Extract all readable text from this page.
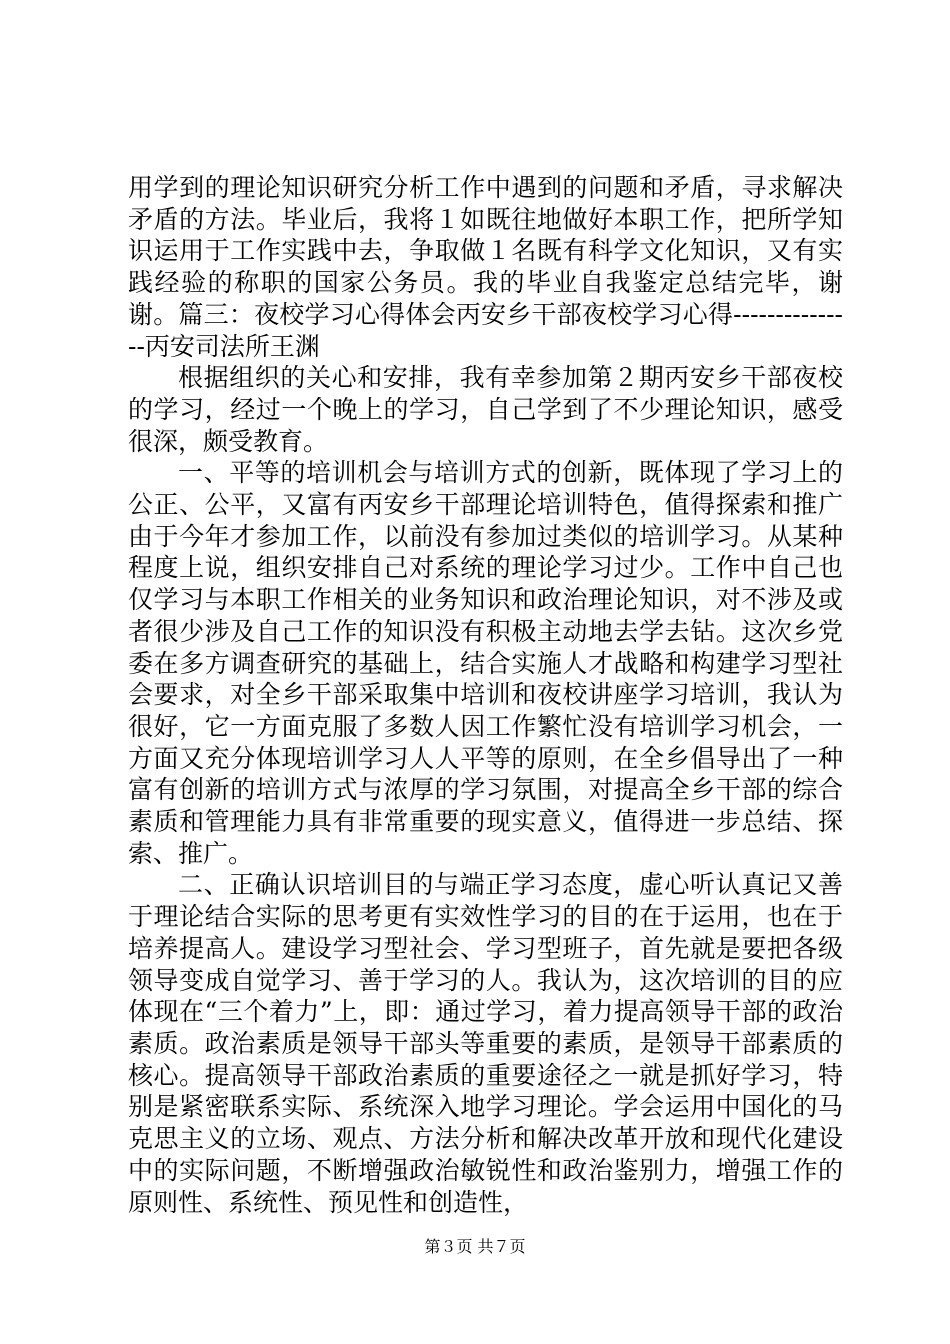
用学到的理论知识研究分析工作中遇到的问题和矛盾，寻求解决矛盾的方法。毕业后，我将１如既往地做好本职工作，把所学知识运用于工作实践中去，争取做１名既有科学文化知识，又有实践经验的称职的国家公务员。我的毕业自我鉴定总结完毕，谢谢。篇三：夜校学习心得体会丙安乡干部夜校学习心得---------------丙安司法所王渊

根据组织的关心和安排，我有幸参加第２期丙安乡干部夜校的学习，经过一个晚上的学习，自己学到了不少理论知识，感受很深，颇受教育。

一、平等的培训机会与培训方式的创新，既体现了学习上的公正、公平，又富有丙安乡干部理论培训特色，值得探索和推广由于今年才参加工作，以前没有参加过类似的培训学习。从某种程度上说，组织安排自己对系统的理论学习过少。工作中自己也仅学习与本职工作相关的业务知识和政治理论知识，对不涉及或者很少涉及自己工作的知识没有积极主动地去学去钻。这次乡党委在多方调查研究的基础上，结合实施人才战略和构建学习型社会要求，对全乡干部采取集中培训和夜校讲座学习培训，我认为很好，它一方面克服了多数人因工作繁忙没有培训学习机会，一方面又充分体现培训学习人人平等的原则，在全乡倡导出了一种富有创新的培训方式与浓厚的学习氛围，对提高全乡干部的综合素质和管理能力具有非常重要的现实意义，值得进一步总结、探索、推广。

二、正确认识培训目的与端正学习态度，虚心听认真记又善于理论结合实际的思考更有实效性学习的目的在于运用，也在于培养提高人。建设学习型社会、学习型班子，首先就是要把各级领导变成自觉学习、善于学习的人。我认为，这次培训的目的应体现在“三个着力”上，即：通过学习，着力提高领导干部的政治素质。政治素质是领导干部头等重要的素质，是领导干部素质的核心。提高领导干部政治素质的重要途径之一就是抓好学习，特别是紧密联系实际、系统深入地学习理论。学会运用中国化的马克思主义的立场、观点、方法分析和解决改革开放和现代化建设中的实际问题，不断增强政治敏锐性和政治鉴别力，增强工作的原则性、系统性、预见性和创造性，

第３页 共７页
